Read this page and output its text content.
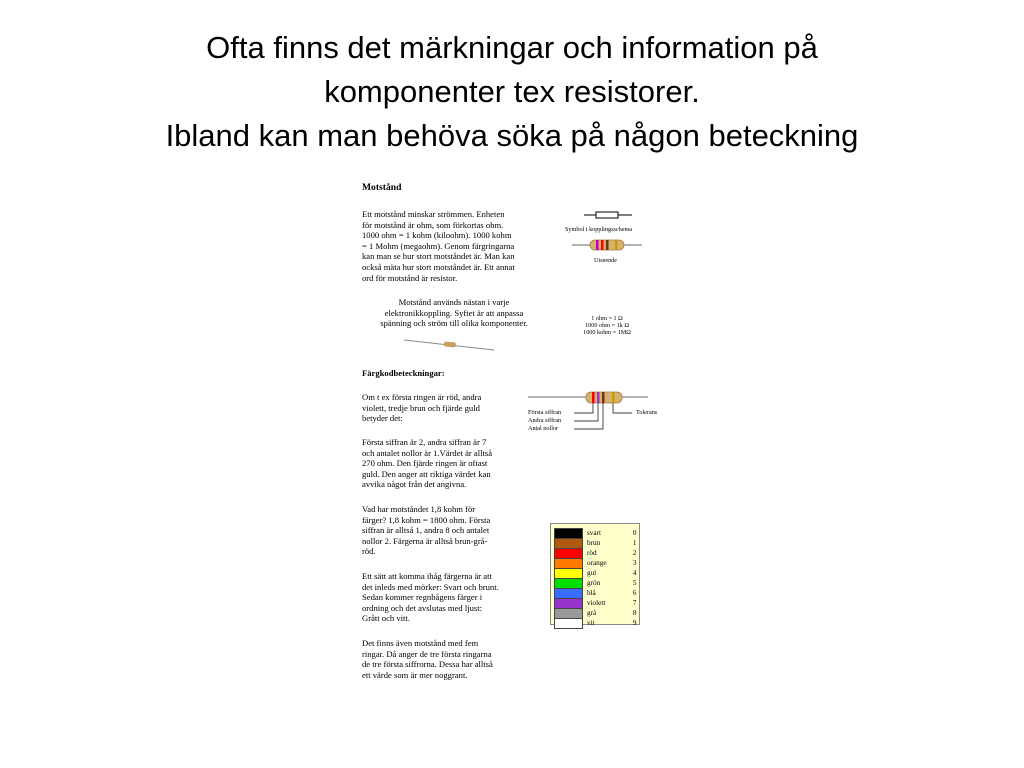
Ofta finns det märkningar och information på
komponenter tex resistorer.
Ibland kan man behöva söka på någon beteckning
Motstånd
Ett motstånd minskar strömmen. Enheten
för motstånd är ohm, som förkortas ohm.
1000 ohm = 1 kohm (kiloohm). 1000 kohm
= 1 Mohm (megaohm). Genom färgringarna
kan man se hur stort motståndet är. Man kan
också mäta hur stort motståndet är. Ett annat
ord för motstånd är resistor.
Motstånd används nästan i varje
elektronikkoppling. Syftet är att anpassa
spänning och ström till olika komponenter.
Symbol i kopplingsschema
Utseende
1 ohm = 1 Ω
1000 ohm = 1k Ω
1000 kohm = 1MΩ
Färgkodbeteckningar:
Om t ex första ringen är röd, andra
violett, tredje brun och fjärde guld
betyder det:
Första siffran är 2, andra siffran är 7
och antalet nollor är 1.Värdet är alltså
270 ohm. Den fjärde ringen är oftast
guld. Den anger att riktiga värdet kan
avvika något från det angivna.
Vad har motståndet 1,8 kohm för
färger? 1,8 kohm = 1800 ohm. Första
siffran är alltså 1, andra 8 och antalet
nollor 2. Färgerna är alltså brun-grå-
röd.
Ett sätt att komma ihåg färgerna är att
det inleds med mörker: Svart och brunt.
Sedan kommer regnbågens färger i
ordning och det avslutas med ljust:
Grått och vitt.
Det finns även motstånd med fem
ringar. Då anger de tre första ringarna
de tre första siffrorna. Dessa har alltså
ett värde som är mer noggrant.
Första siffran
Andra siffran
Antal nollor
Tolerans
	svart	0
	brun	1
	röd	2
	orange	3
	gul	4
	grön	5
	blå	6
	violett	7
	grå	8
	vit	9
